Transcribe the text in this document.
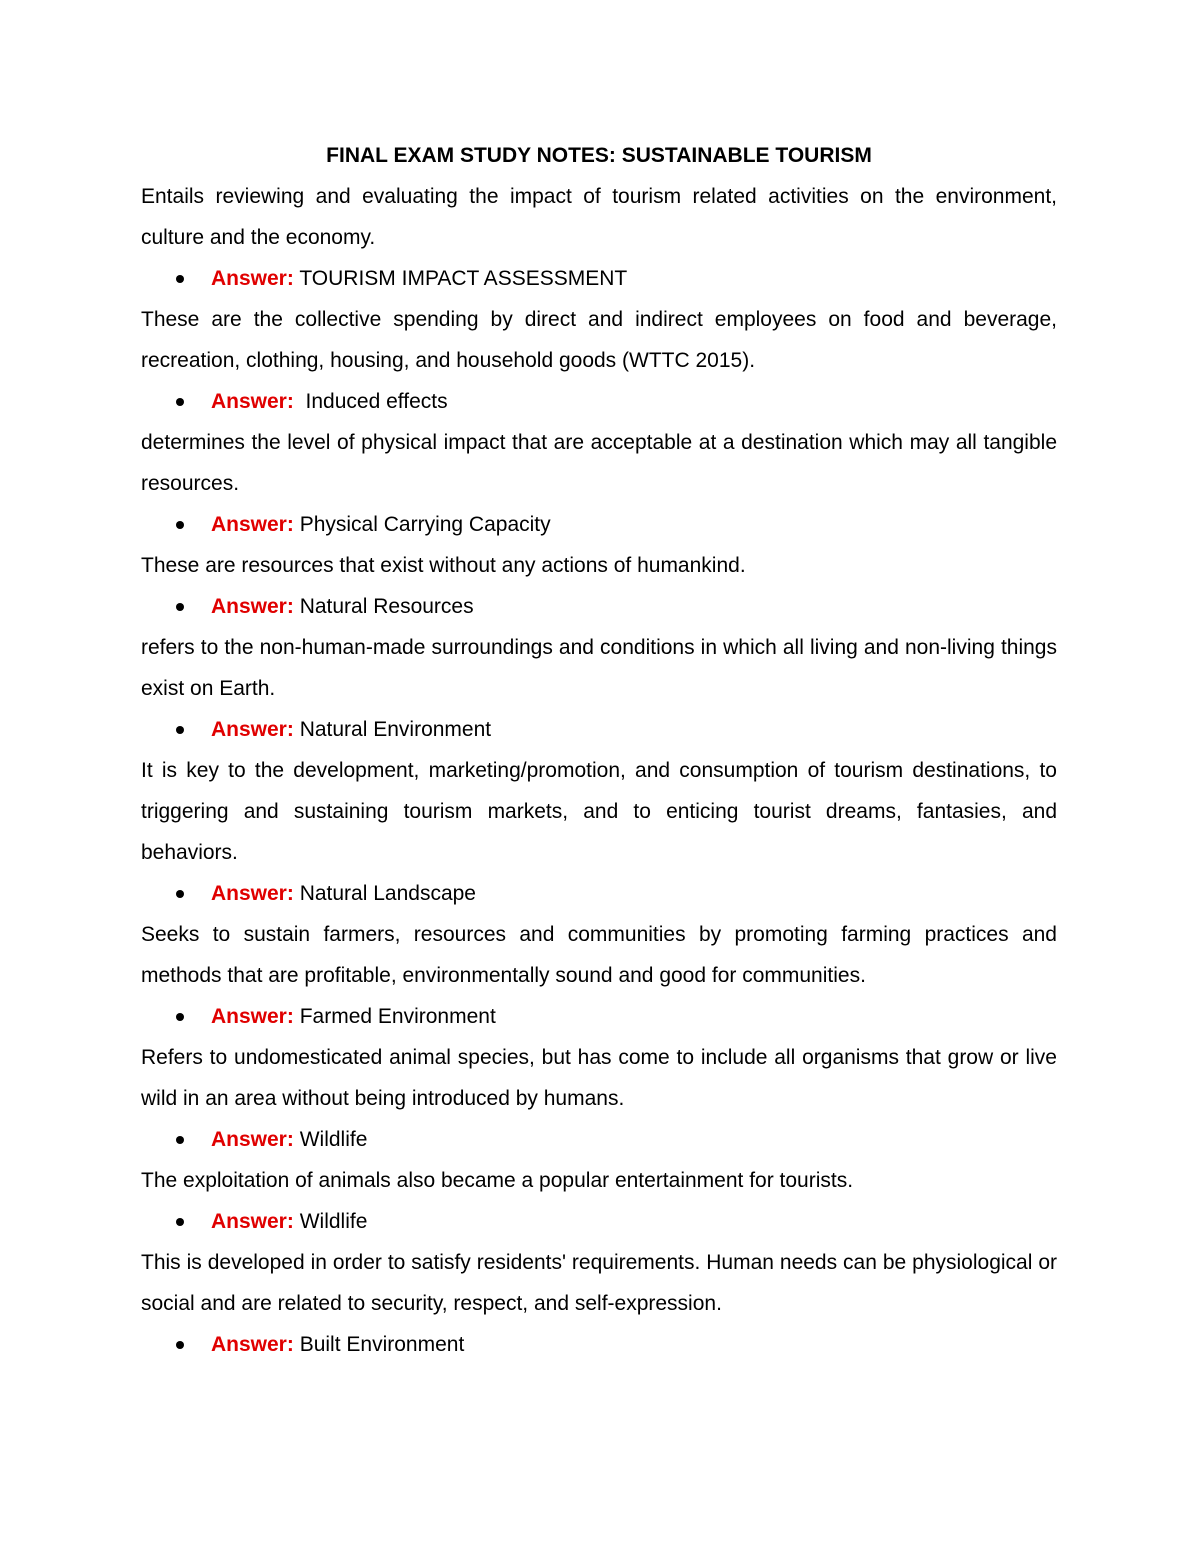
FINAL EXAM STUDY NOTES: SUSTAINABLE TOURISM

Entails reviewing and evaluating the impact of tourism related activities on the environment, culture and the economy.

Answer: TOURISM IMPACT ASSESSMENT

These are the collective spending by direct and indirect employees on food and beverage, recreation, clothing, housing, and household goods (WTTC 2015).

Answer:  Induced effects

determines the level of physical impact that are acceptable at a destination which may all tangible resources.

Answer: Physical Carrying Capacity

These are resources that exist without any actions of humankind.

Answer: Natural Resources

refers to the non-human-made surroundings and conditions in which all living and non-living things exist on Earth.

Answer: Natural Environment

It is key to the development, marketing/promotion, and consumption of tourism destinations, to triggering and sustaining tourism markets, and to enticing tourist dreams, fantasies, and behaviors.

Answer: Natural Landscape

Seeks to sustain farmers, resources and communities by promoting farming practices and methods that are profitable, environmentally sound and good for communities.

Answer: Farmed Environment

Refers to undomesticated animal species, but has come to include all organisms that grow or live wild in an area without being introduced by humans.

Answer: Wildlife

The exploitation of animals also became a popular entertainment for tourists.

Answer: Wildlife

This is developed in order to satisfy residents' requirements. Human needs can be physiological or social and are related to security, respect, and self-expression.

Answer: Built Environment
